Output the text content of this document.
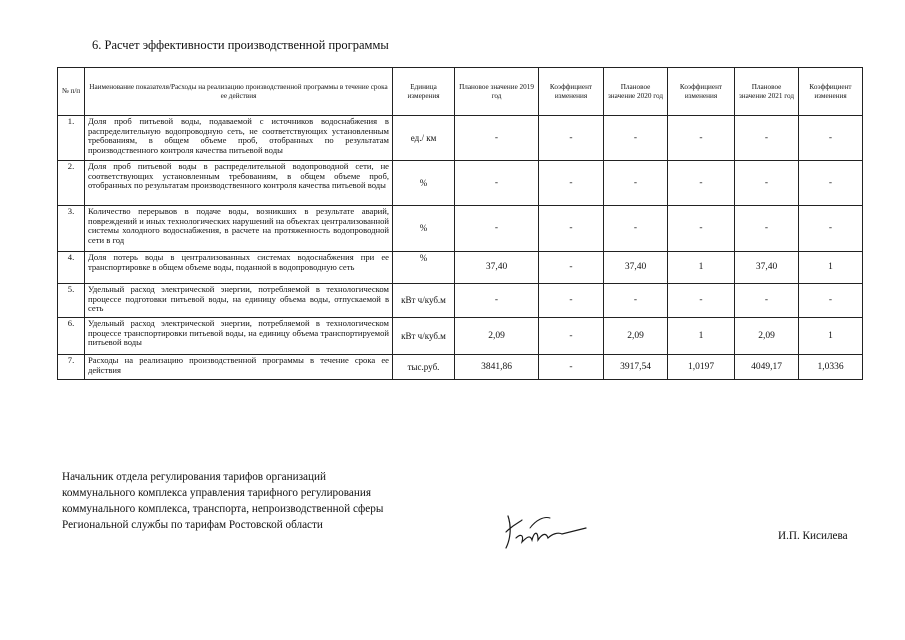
6. Расчет эффективности производственной программы
№ п/п	Наименование показателя/Расходы на реализацию производственной программы в течение срока ее действия	Единица измерения	Плановое значение 2019 год	Коэффициент изменения	Плановое значение 2020 год	Коэффициент изменения	Плановое значение 2021 год	Коэффициент изменения
1.	Доля проб питьевой воды, подаваемой с источников водоснабжения в распределительную водопроводную сеть, не соответствующих установленным требованиям, в общем объеме проб, отобранных по результатам производственного контроля качества питьевой воды	ед./ км	-	-	-	-	-	-
2.	Доля проб питьевой воды в распределительной водопроводной сети, не соответствующих установленным требованиям, в общем объеме проб, отобранных по результатам производственного контроля качества питьевой воды	%	-	-	-	-	-	-
3.	Количество перерывов в подаче воды, возникших в результате аварий, повреждений и иных технологических нарушений на объектах централизованной системы холодного водоснабжения, в расчете на протяженность водопроводной сети в год	%	-	-	-	-	-	-
4.	Доля потерь воды в централизованных системах водоснабжения при ее транспортировке в общем объеме воды, поданной в водопроводную сеть	%	37,40	-	37,40	1	37,40	1
5.	Удельный расход электрической энергии, потребляемой в технологическом процессе подготовки питьевой воды, на единицу объема воды, отпускаемой в сеть	кВт ч/куб.м	-	-	-	-	-	-
6.	Удельный расход электрической энергии, потребляемой в технологическом процессе транспортировки питьевой воды, на единицу объема транспортируемой питьевой воды	кВт ч/куб.м	2,09	-	2,09	1	2,09	1
7.	Расходы на реализацию производственной программы в течение срока ее действия	тыс.руб.	3841,86	-	3917,54	1,0197	4049,17	1,0336
Начальник отдела регулирования тарифов организаций коммунального комплекса управления тарифного регулирования коммунального комплекса, транспорта, непроизводственной сферы Региональной службы по тарифам Ростовской области
И.П. Кисилева
